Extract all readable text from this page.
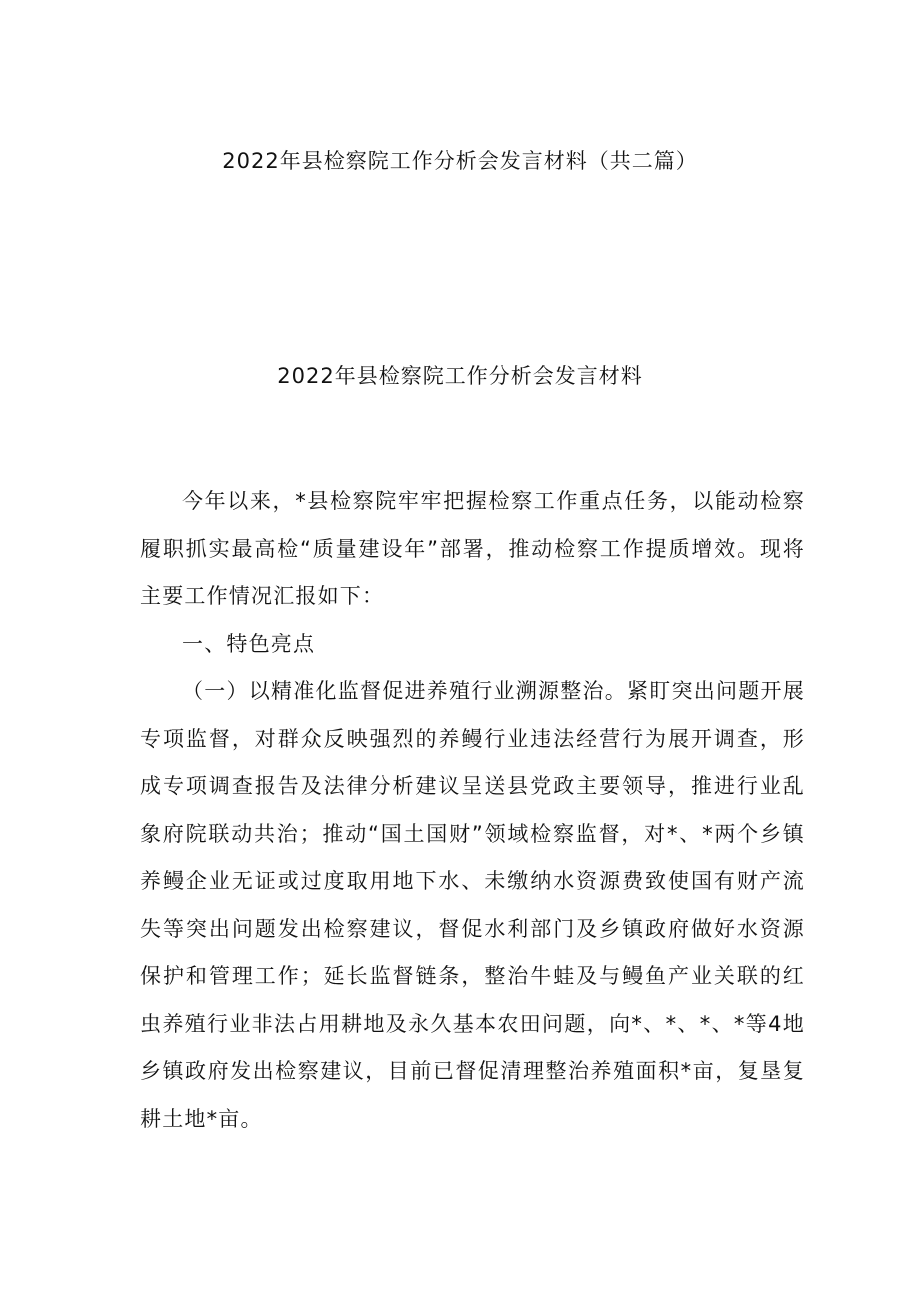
2022年县检察院工作分析会发言材料（共二篇）
2022年县检察院工作分析会发言材料

今年以来，*县检察院牢牢把握检察工作重点任务，以能动检察履职抓实最高检“质量建设年”部署，推动检察工作提质增效。现将主要工作情况汇报如下：

一、特色亮点

（一）以精准化监督促进养殖行业溯源整治。紧盯突出问题开展专项监督，对群众反映强烈的养鳗行业违法经营行为展开调查，形成专项调查报告及法律分析建议呈送县党政主要领导，推进行业乱象府院联动共治；推动“国土国财”领域检察监督，对*、*两个乡镇养鳗企业无证或过度取用地下水、未缴纳水资源费致使国有财产流失等突出问题发出检察建议，督促水利部门及乡镇政府做好水资源保护和管理工作；延长监督链条，整治牛蛙及与鳗鱼产业关联的红虫养殖行业非法占用耕地及永久基本农田问题，向*、*、*、*等4地乡镇政府发出检察建议，目前已督促清理整治养殖面积*亩，复垦复耕土地*亩。
